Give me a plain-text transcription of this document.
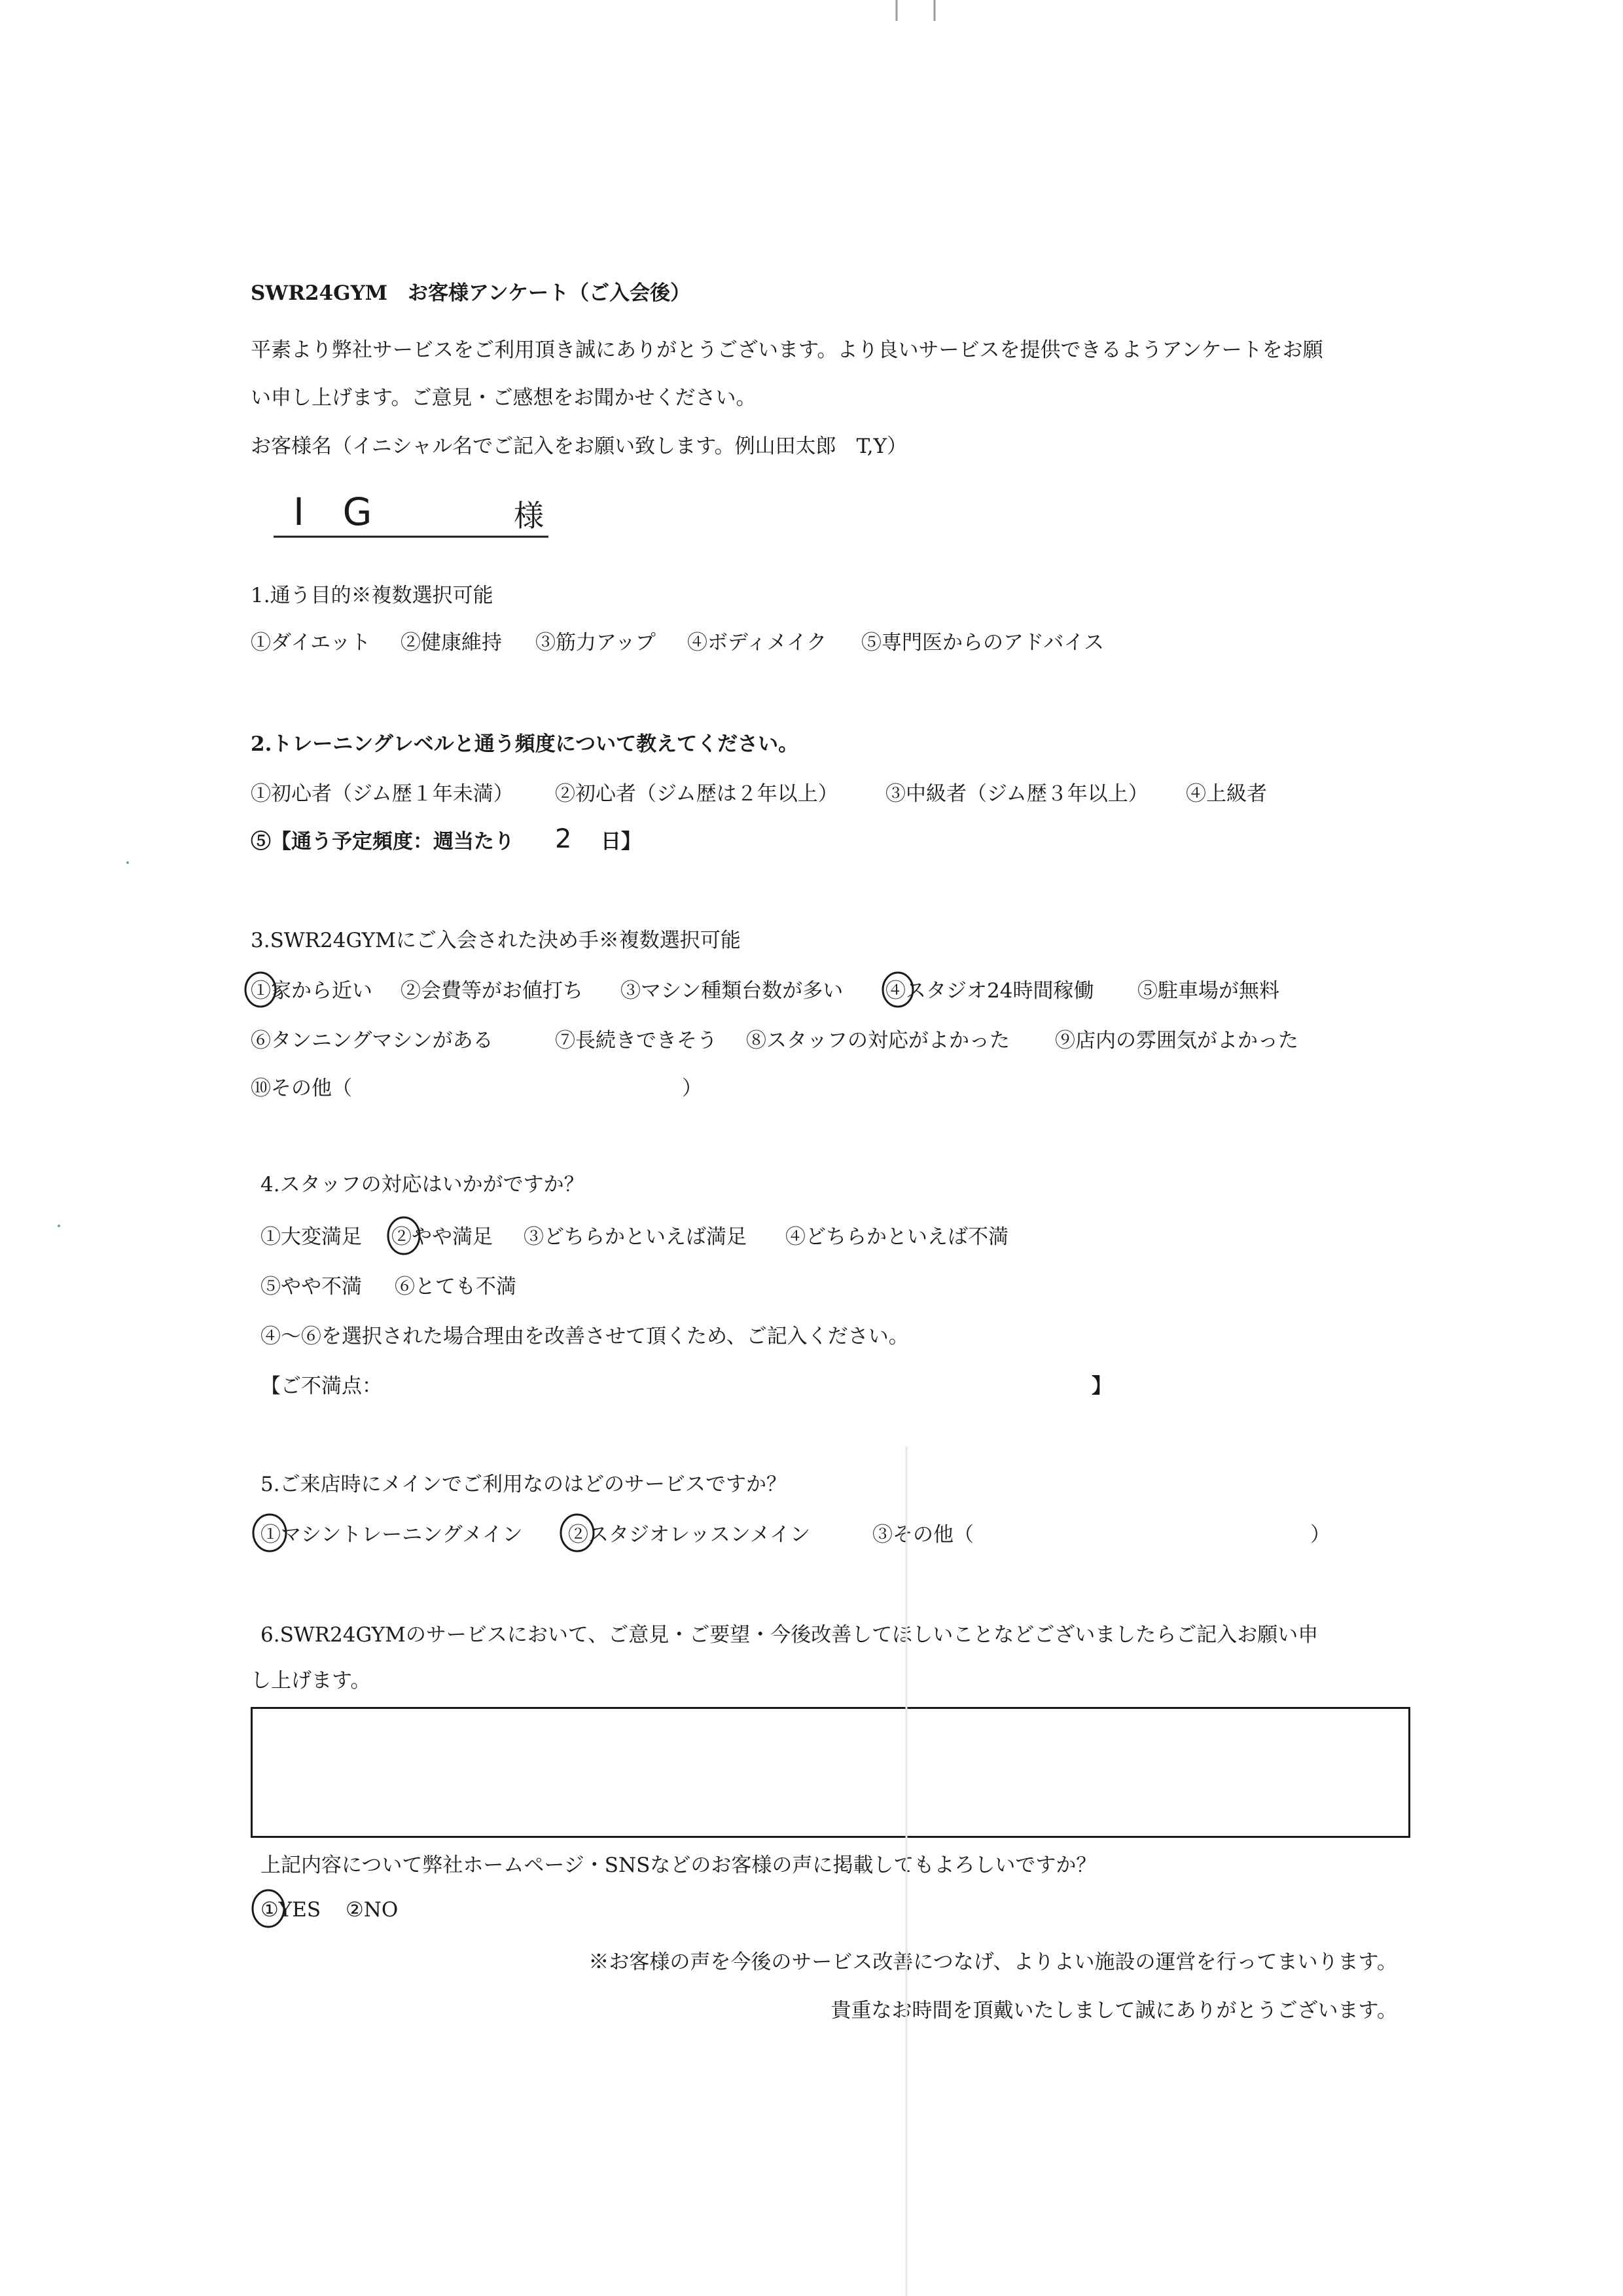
SWR24GYM　お客様アンケート（ご入会後）
平素より弊社サービスをご利用頂き誠にありがとうございます。より良いサービスを提供できるようアンケートをお願
い申し上げます。ご意見・ご感想をお聞かせください。
お客様名（イニシャル名でご記入をお願い致します。例山田太郎　T,Y）
I G	様
1.通う目的※複数選択可能
①ダイエット ②健康維持 ③筋力アップ ④ボディメイク ⑤専門医からのアドバイス
2.トレーニングレベルと通う頻度について教えてください。
①初心者（ジム歴１年未満） ②初心者（ジム歴は２年以上） ③中級者（ジム歴３年以上） ④上級者
⑤【通う予定頻度：週当たり 2 日】
3.SWR24GYMにご入会された決め手※複数選択可能
①家から近い ②会費等がお値打ち ③マシン種類台数が多い ④スタジオ24時間稼働 ⑤駐車場が無料
⑥タンニングマシンがある	⑦長続きできそう ⑧スタッフの対応がよかった ⑨店内の雰囲気がよかった
⑩その他（	）
4.スタッフの対応はいかがですか？
①大変満足 ②やや満足 ③どちらかといえば満足 ④どちらかといえば不満
⑤やや不満 ⑥とても不満
④～⑥を選択された場合理由を改善させて頂くため、ご記入ください。
【ご不満点：	】
5.ご来店時にメインでご利用なのはどのサービスですか？
①マシントレーニングメイン ②スタジオレッスンメイン	③その他（	）
6.SWR24GYMのサービスにおいて、ご意見・ご要望・今後改善してほしいことなどございましたらご記入お願い申
し上げます。
上記内容について弊社ホームページ・SNSなどのお客様の声に掲載してもよろしいですか？
①YES ②NO
※お客様の声を今後のサービス改善につなげ、よりよい施設の運営を行ってまいります。
貴重なお時間を頂戴いたしまして誠にありがとうございます。
